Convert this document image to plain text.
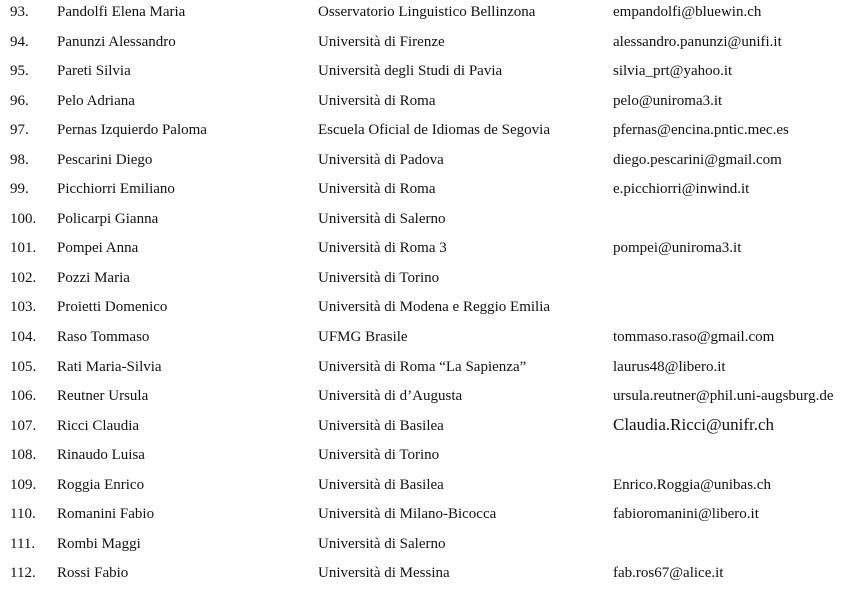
93.	Pandolfi Elena Maria	Osservatorio Linguistico Bellinzona	empandolfi@bluewin.ch
94.	Panunzi Alessandro	Università di Firenze	alessandro.panunzi@unifi.it
95.	Pareti Silvia	Università degli Studi di Pavia	silvia_prt@yahoo.it
96.	Pelo Adriana	Università di Roma	pelo@uniroma3.it
97.	Pernas Izquierdo Paloma	Escuela Oficial de Idiomas de Segovia	pfernas@encina.pntic.mec.es
98.	Pescarini Diego	Università di Padova	diego.pescarini@gmail.com
99.	Picchiorri Emiliano	Università di Roma	e.picchiorri@inwind.it
100.	Policarpi Gianna	Università di Salerno
101.	Pompei Anna	Università di Roma 3	pompei@uniroma3.it
102.	Pozzi Maria	Università di Torino
103.	Proietti Domenico	Università di Modena e Reggio Emilia
104.	Raso Tommaso	UFMG Brasile	tommaso.raso@gmail.com
105.	Rati Maria-Silvia	Università di Roma “La Sapienza”	laurus48@libero.it
106.	Reutner Ursula	Università di d’Augusta	ursula.reutner@phil.uni-augsburg.de
107.	Ricci Claudia	Università di Basilea	Claudia.Ricci@unifr.ch
108.	Rinaudo Luisa	Università di Torino
109.	Roggia Enrico	Università di Basilea	Enrico.Roggia@unibas.ch
110.	Romanini Fabio	Università di Milano-Bicocca	fabioromanini@libero.it
111.	Rombi Maggi	Università di Salerno
112.	Rossi Fabio	Università di Messina	fab.ros67@alice.it
